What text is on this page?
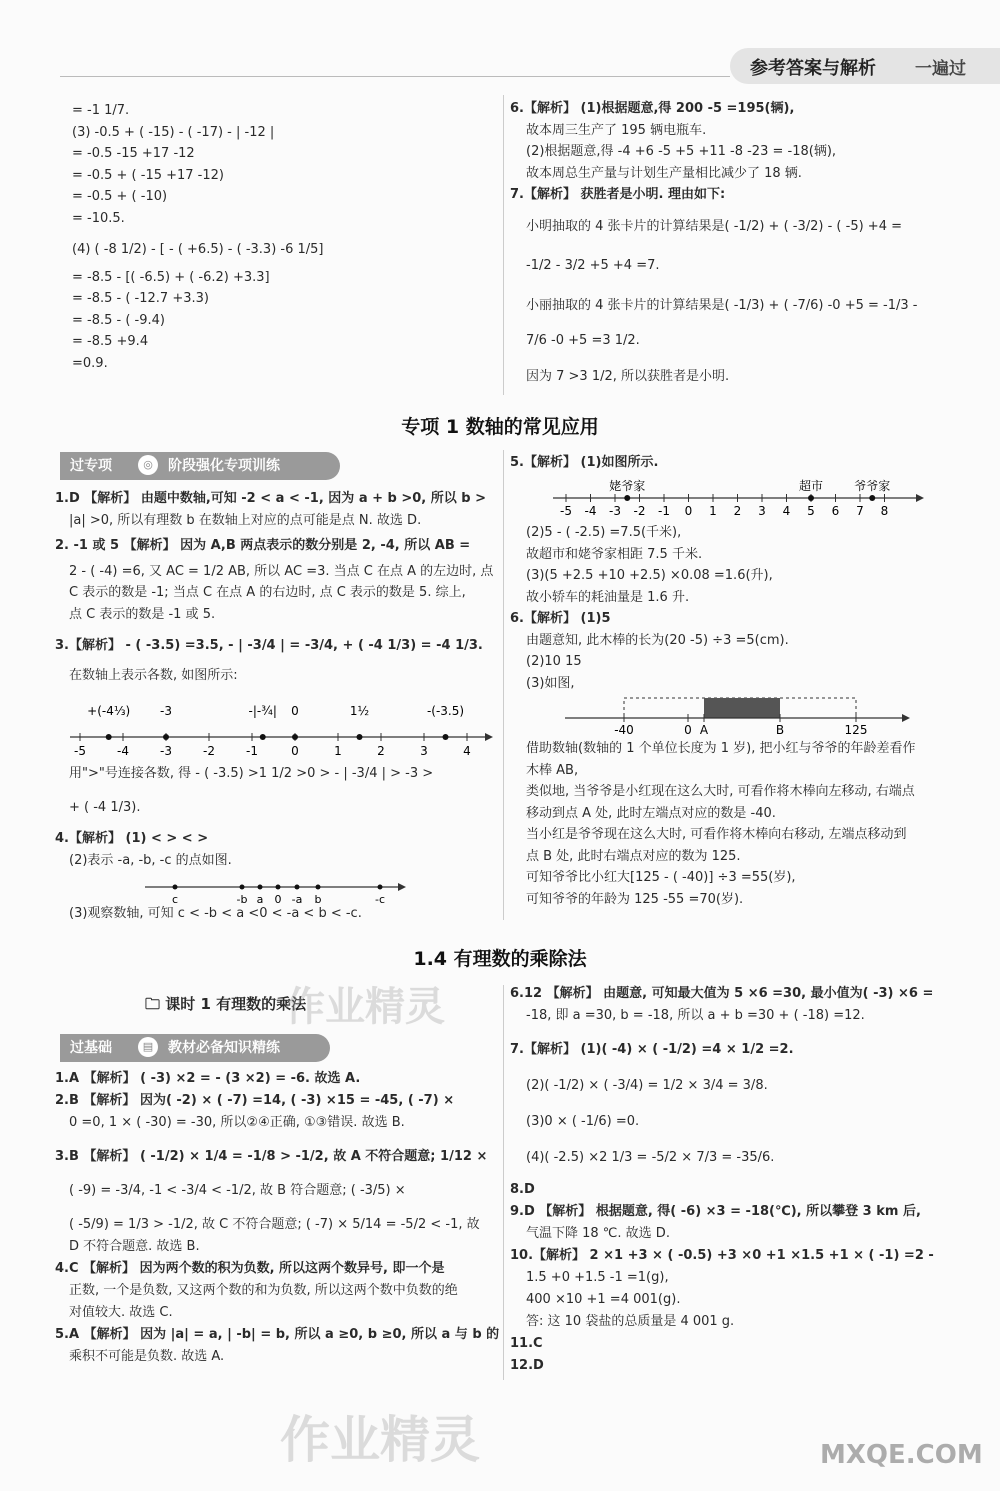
参考答案与解析 一遍过
= -1 1/7.
(3) -0.5 + ( -15) - ( -17) - | -12 |
= -0.5 -15 +17 -12
= -0.5 + ( -15 +17 -12)
= -0.5 + ( -10)
= -10.5.
(4) ( -8 1/2) - [ - ( +6.5) - ( -3.3) -6 1/5]
= -8.5 - [( -6.5) + ( -6.2) +3.3]
= -8.5 - ( -12.7 +3.3)
= -8.5 - ( -9.4)
= -8.5 +9.4
=0.9.
6.【解析】 (1)根据题意,得 200 -5 =195(辆),
故本周三生产了 195 辆电瓶车.
(2)根据题意,得 -4 +6 -5 +5 +11 -8 -23 = -18(辆),
故本周总生产量与计划生产量相比减少了 18 辆.
7.【解析】 获胜者是小明. 理由如下:
小明抽取的 4 张卡片的计算结果是( -1/2) + ( -3/2) - ( -5) +4 =
-1/2 - 3/2 +5 +4 =7.
小丽抽取的 4 张卡片的计算结果是( -1/3) + ( -7/6) -0 +5 = -1/3 -
7/6 -0 +5 =3 1/2.
因为 7 >3 1/2, 所以获胜者是小明.
专项 1 数轴的常见应用
过专项	◎	阶段强化专项训练
1.D 【解析】 由题中数轴,可知 -2 < a < -1, 因为 a + b >0, 所以 b >
|a| >0, 所以有理数 b 在数轴上对应的点可能是点 N. 故选 D.
2. -1 或 5 【解析】 因为 A,B 两点表示的数分别是 2, -4, 所以 AB =
2 - ( -4) =6, 又 AC = 1/2 AB, 所以 AC =3. 当点 C 在点 A 的左边时, 点
C 表示的数是 -1; 当点 C 在点 A 的右边时, 点 C 表示的数是 5. 综上,
点 C 表示的数是 -1 或 5.
3.【解析】 - ( -3.5) =3.5, - | -3/4 | = -3/4, + ( -4 1/3) = -4 1/3.
在数轴上表示各数, 如图所示:
-5	-4	-3	-2	-1	0	1	2	3	4
+(-4⅓) -3	-|-¾| 0	1½	-(-3.5)
用">"号连接各数, 得 - ( -3.5) >1 1/2 >0 > - | -3/4 | > -3 >
+ ( -4 1/3).
4.【解析】 (1) < > < >
(2)表示 -a, -b, -c 的点如图.
c	-b a 0 -a b	-c
(3)观察数轴, 可知 c < -b < a <0 < -a < b < -c.
5.【解析】 (1)如图所示.
-5 -4 -3 -2 -1 0 1 2 3 4 5 6 7 8
姥爷家	超市	爷爷家
(2)5 - ( -2.5) =7.5(千米),
故超市和姥爷家相距 7.5 千米.
(3)(5 +2.5 +10 +2.5) ×0.08 =1.6(升),
故小轿车的耗油量是 1.6 升.
6.【解析】 (1)5
由题意知, 此木棒的长为(20 -5) ÷3 =5(cm).
(2)10 15
(3)如图,
-40	0 A	B	125
借助数轴(数轴的 1 个单位长度为 1 岁), 把小红与爷爷的年龄差看作
木棒 AB,
类似地, 当爷爷是小红现在这么大时, 可看作将木棒向左移动, 右端点
移动到点 A 处, 此时左端点对应的数是 -40.
当小红是爷爷现在这么大时, 可看作将木棒向右移动, 左端点移动到
点 B 处, 此时右端点对应的数为 125.
可知爷爷比小红大[125 - ( -40)] ÷3 =55(岁),
可知爷爷的年龄为 125 -55 =70(岁).
1.4 有理数的乘除法
🗀 课时 1 有理数的乘法
过基础	▤	教材必备知识精练
1.A 【解析】 ( -3) ×2 = - (3 ×2) = -6. 故选 A.
2.B 【解析】 因为( -2) × ( -7) =14, ( -3) ×15 = -45, ( -7) ×
0 =0, 1 × ( -30) = -30, 所以②④正确, ①③错误. 故选 B.
3.B 【解析】 ( -1/2) × 1/4 = -1/8 > -1/2, 故 A 不符合题意; 1/12 ×
( -9) = -3/4, -1 < -3/4 < -1/2, 故 B 符合题意; ( -3/5) ×
( -5/9) = 1/3 > -1/2, 故 C 不符合题意; ( -7) × 5/14 = -5/2 < -1, 故
D 不符合题意. 故选 B.
4.C 【解析】 因为两个数的积为负数, 所以这两个数异号, 即一个是
正数, 一个是负数, 又这两个数的和为负数, 所以这两个数中负数的绝
对值较大. 故选 C.
5.A 【解析】 因为 |a| = a, | -b| = b, 所以 a ≥0, b ≥0, 所以 a 与 b 的
乘积不可能是负数. 故选 A.
6.12 【解析】 由题意, 可知最大值为 5 ×6 =30, 最小值为( -3) ×6 =
-18, 即 a =30, b = -18, 所以 a + b =30 + ( -18) =12.
7.【解析】 (1)( -4) × ( -1/2) =4 × 1/2 =2.
(2)( -1/2) × ( -3/4) = 1/2 × 3/4 = 3/8.
(3)0 × ( -1/6) =0.
(4)( -2.5) ×2 1/3 = -5/2 × 7/3 = -35/6.
8.D
9.D 【解析】 根据题意, 得( -6) ×3 = -18(℃), 所以攀登 3 km 后,
气温下降 18 ℃. 故选 D.
10.【解析】 2 ×1 +3 × ( -0.5) +3 ×0 +1 ×1.5 +1 × ( -1) =2 -
1.5 +0 +1.5 -1 =1(g),
400 ×10 +1 =4 001(g).
答: 这 10 袋盐的总质量是 4 001 g.
11.C
12.D
作业精灵
作业精灵	MXQE.COM
